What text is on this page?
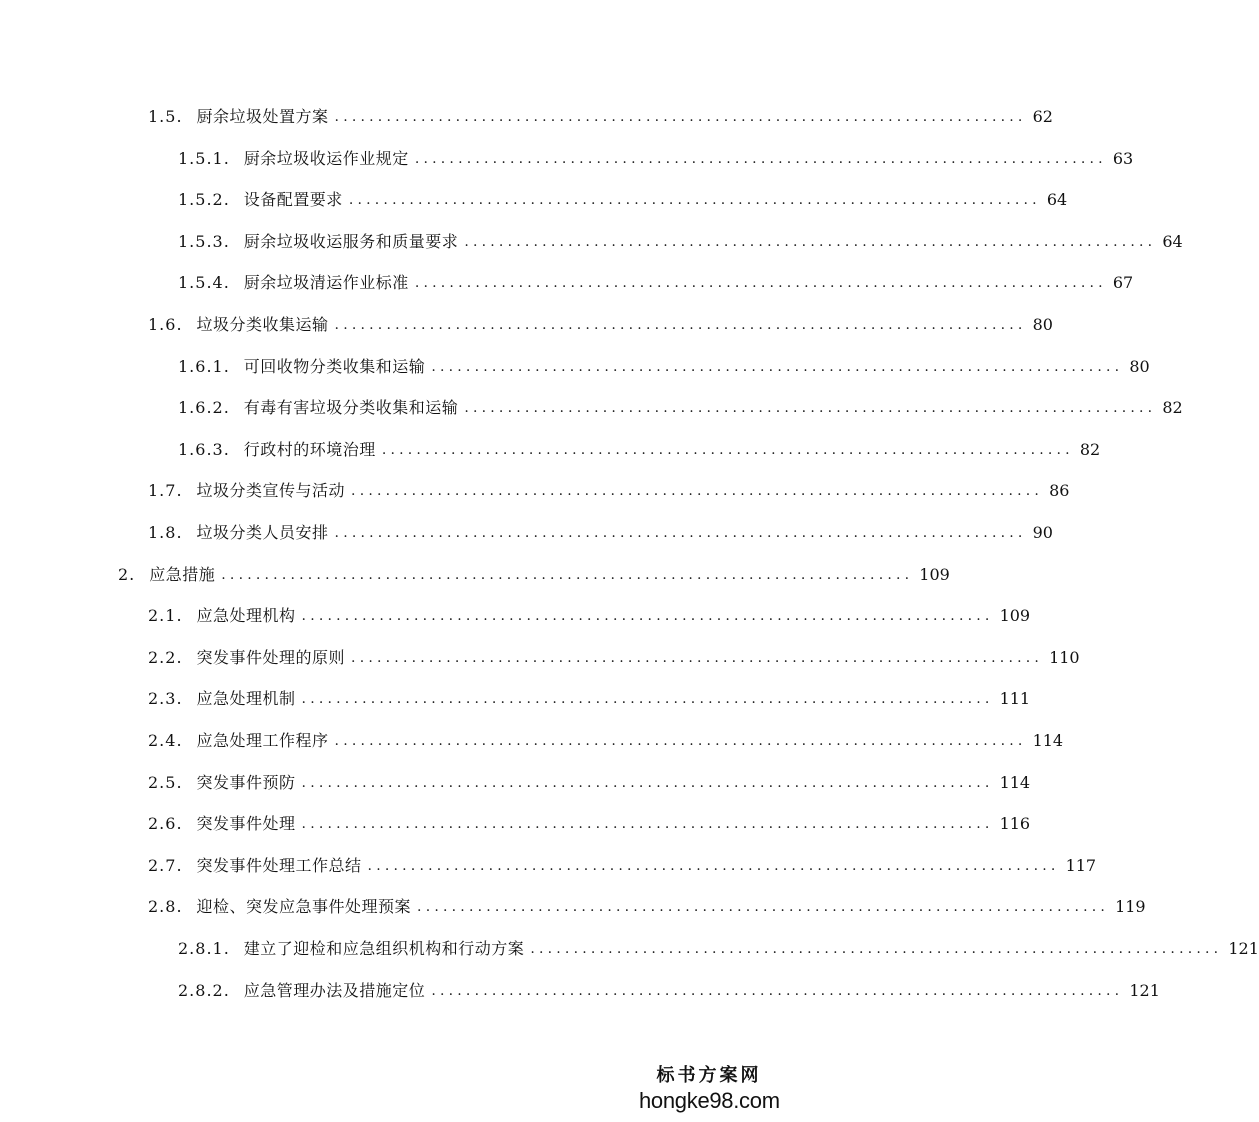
1.5. 厨余垃圾处置方案 ................................................................................ 62
1.5.1. 厨余垃圾收运作业规定 ................................................................................ 63
1.5.2. 设备配置要求 ................................................................................ 64
1.5.3. 厨余垃圾收运服务和质量要求 ................................................................................ 64
1.5.4. 厨余垃圾清运作业标准 ................................................................................ 67
1.6. 垃圾分类收集运输 ................................................................................ 80
1.6.1. 可回收物分类收集和运输 ................................................................................ 80
1.6.2. 有毒有害垃圾分类收集和运输 ................................................................................ 82
1.6.3. 行政村的环境治理 ................................................................................ 82
1.7. 垃圾分类宣传与活动 ................................................................................ 86
1.8. 垃圾分类人员安排 ................................................................................ 90
2. 应急措施 ................................................................................ 109
2.1. 应急处理机构 ................................................................................ 109
2.2. 突发事件处理的原则 ................................................................................ 110
2.3. 应急处理机制 ................................................................................ 111
2.4. 应急处理工作程序 ................................................................................ 114
2.5. 突发事件预防 ................................................................................ 114
2.6. 突发事件处理 ................................................................................ 116
2.7. 突发事件处理工作总结 ................................................................................ 117
2.8. 迎检、突发应急事件处理预案 ................................................................................ 119
2.8.1. 建立了迎检和应急组织机构和行动方案 ................................................................................ 121
2.8.2. 应急管理办法及措施定位 ................................................................................ 121
标书方案网
hongke98.com
